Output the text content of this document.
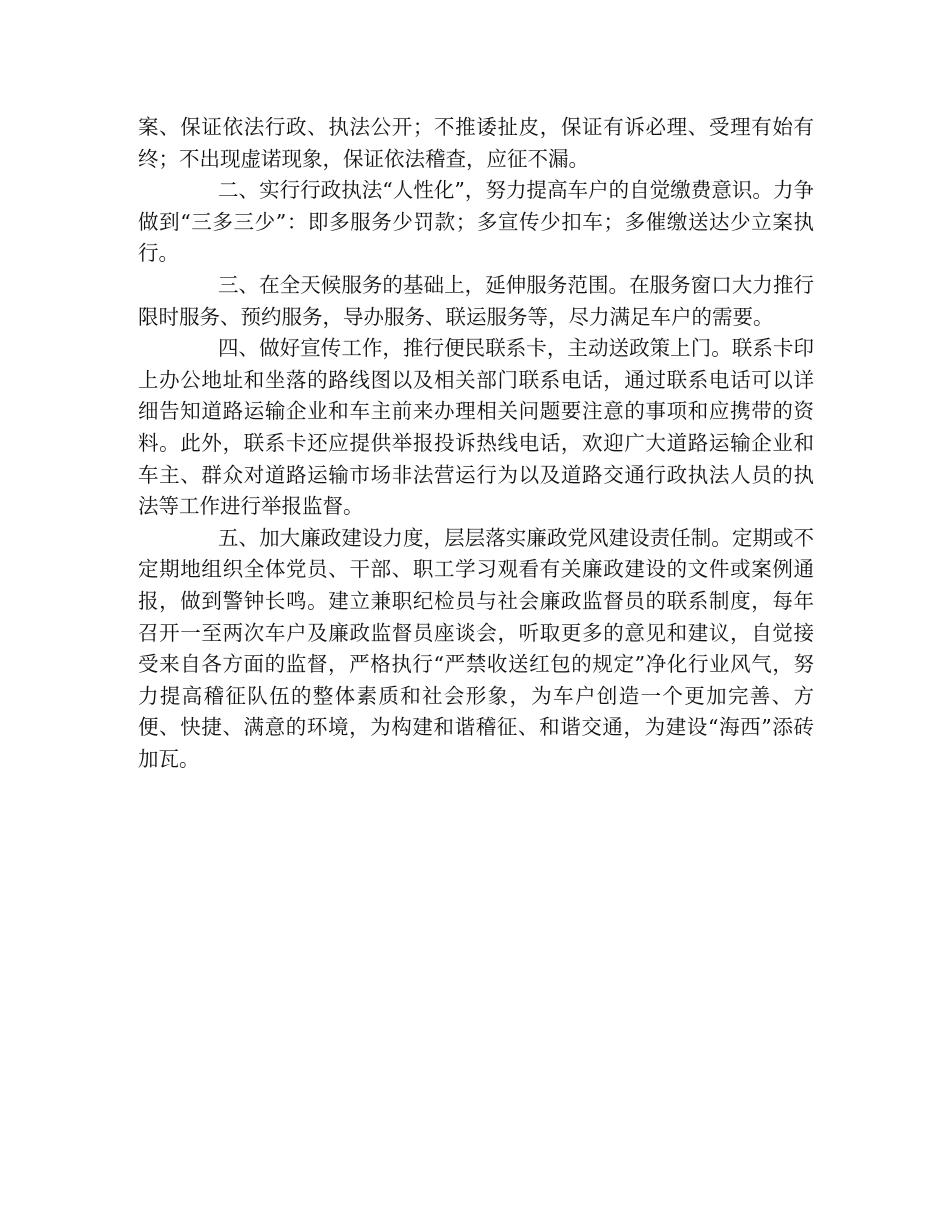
案、保证依法行政、执法公开；不推诿扯皮，保证有诉必理、受理有始有终；不出现虚诺现象，保证依法稽查，应征不漏。

二、实行行政执法“人性化”，努力提高车户的自觉缴费意识。力争做到“三多三少”：即多服务少罚款；多宣传少扣车；多催缴送达少立案执行。

三、在全天候服务的基础上，延伸服务范围。在服务窗口大力推行限时服务、预约服务，导办服务、联运服务等，尽力满足车户的需要。

四、做好宣传工作，推行便民联系卡，主动送政策上门。联系卡印上办公地址和坐落的路线图以及相关部门联系电话，通过联系电话可以详细告知道路运输企业和车主前来办理相关问题要注意的事项和应携带的资料。此外，联系卡还应提供举报投诉热线电话，欢迎广大道路运输企业和车主、群众对道路运输市场非法营运行为以及道路交通行政执法人员的执法等工作进行举报监督。

五、加大廉政建设力度，层层落实廉政党风建设责任制。定期或不定期地组织全体党员、干部、职工学习观看有关廉政建设的文件或案例通报，做到警钟长鸣。建立兼职纪检员与社会廉政监督员的联系制度，每年召开一至两次车户及廉政监督员座谈会，听取更多的意见和建议，自觉接受来自各方面的监督，严格执行“严禁收送红包的规定”净化行业风气，努力提高稽征队伍的整体素质和社会形象，为车户创造一个更加完善、方便、快捷、满意的环境，为构建和谐稽征、和谐交通，为建设“海西”添砖加瓦。
